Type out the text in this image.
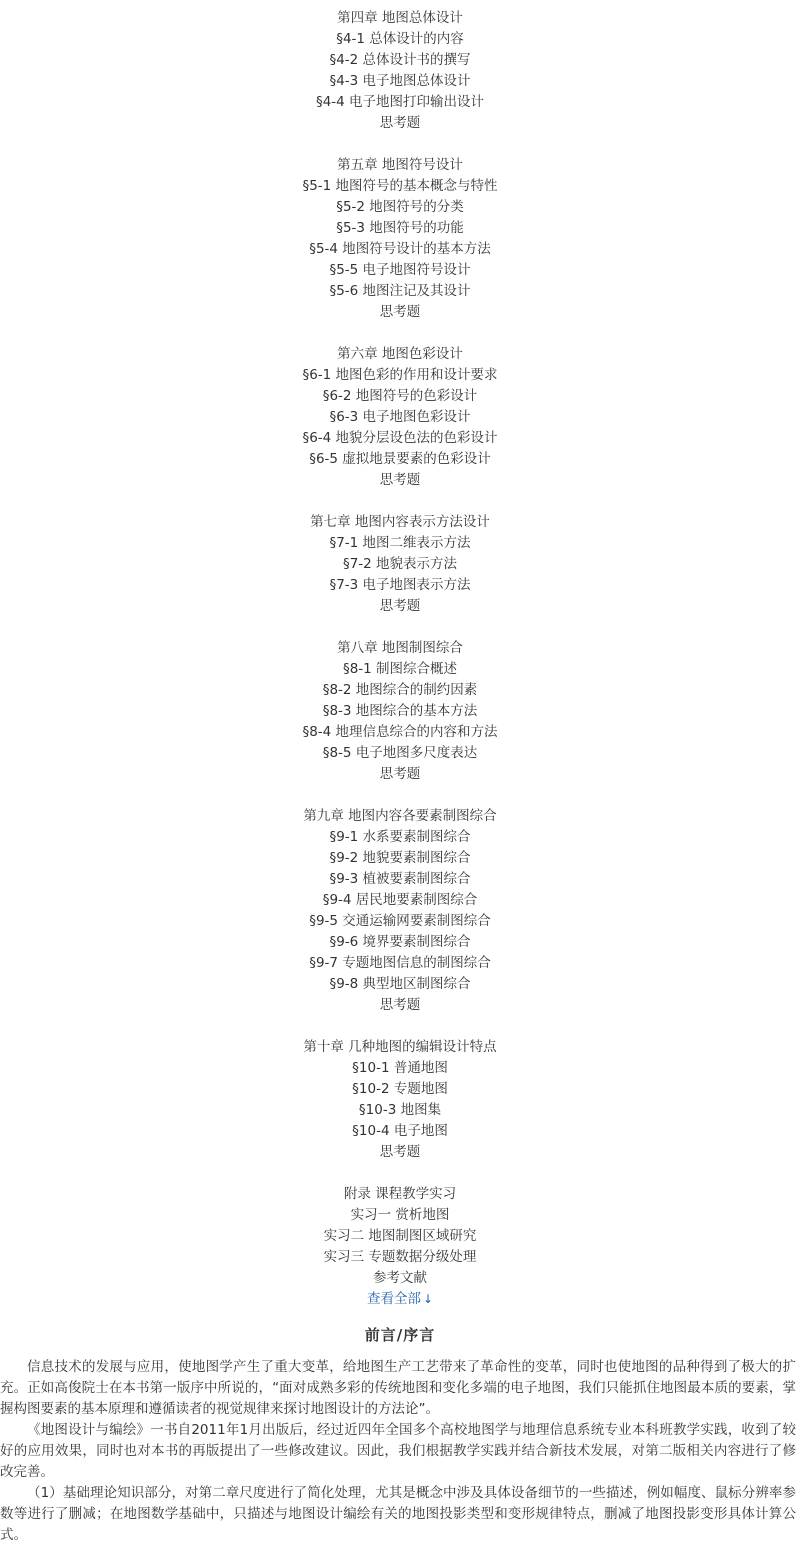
第四章 地图总体设计
§4-1 总体设计的内容
§4-2 总体设计书的撰写
§4-3 电子地图总体设计
§4-4 电子地图打印输出设计
思考题
第五章 地图符号设计
§5-1 地图符号的基本概念与特性
§5-2 地图符号的分类
§5-3 地图符号的功能
§5-4 地图符号设计的基本方法
§5-5 电子地图符号设计
§5-6 地图注记及其设计
思考题
第六章 地图色彩设计
§6-1 地图色彩的作用和设计要求
§6-2 地图符号的色彩设计
§6-3 电子地图色彩设计
§6-4 地貌分层设色法的色彩设计
§6-5 虚拟地景要素的色彩设计
思考题
第七章 地图内容表示方法设计
§7-1 地图二维表示方法
§7-2 地貌表示方法
§7-3 电子地图表示方法
思考题
第八章 地图制图综合
§8-1 制图综合概述
§8-2 地图综合的制约因素
§8-3 地图综合的基本方法
§8-4 地理信息综合的内容和方法
§8-5 电子地图多尺度表达
思考题
第九章 地图内容各要素制图综合
§9-1 水系要素制图综合
§9-2 地貌要素制图综合
§9-3 植被要素制图综合
§9-4 居民地要素制图综合
§9-5 交通运输网要素制图综合
§9-6 境界要素制图综合
§9-7 专题地图信息的制图综合
§9-8 典型地区制图综合
思考题
第十章 几种地图的编辑设计特点
§10-1 普通地图
§10-2 专题地图
§10-3 地图集
§10-4 电子地图
思考题
附录 课程教学实习
实习一 赏析地图
实习二 地图制图区域研究
实习三 专题数据分级处理
参考文献
查看全部 ↓
前言/序言

信息技术的发展与应用，使地图学产生了重大变革，给地图生产工艺带来了革命性的变革，同时也使地图的品种得到了极大的扩充。正如高俊院士在本书第一版序中所说的，“面对成熟多彩的传统地图和变化多端的电子地图，我们只能抓住地图最本质的要素，掌握构图要素的基本原理和遵循读者的视觉规律来探讨地图设计的方法论”。

《地图设计与编绘》一书自2011年1月出版后，经过近四年全国多个高校地图学与地理信息系统专业本科班教学实践，收到了较好的应用效果，同时也对本书的再版提出了一些修改建议。因此，我们根据教学实践并结合新技术发展，对第二版相关内容进行了修改完善。

（1）基础理论知识部分，对第二章尺度进行了简化处理，尤其是概念中涉及具体设备细节的一些描述，例如幅度、鼠标分辨率参数等进行了删减；在地图数学基础中，只描述与地图设计编绘有关的地图投影类型和变形规律特点，删减了地图投影变形具体计算公式。
